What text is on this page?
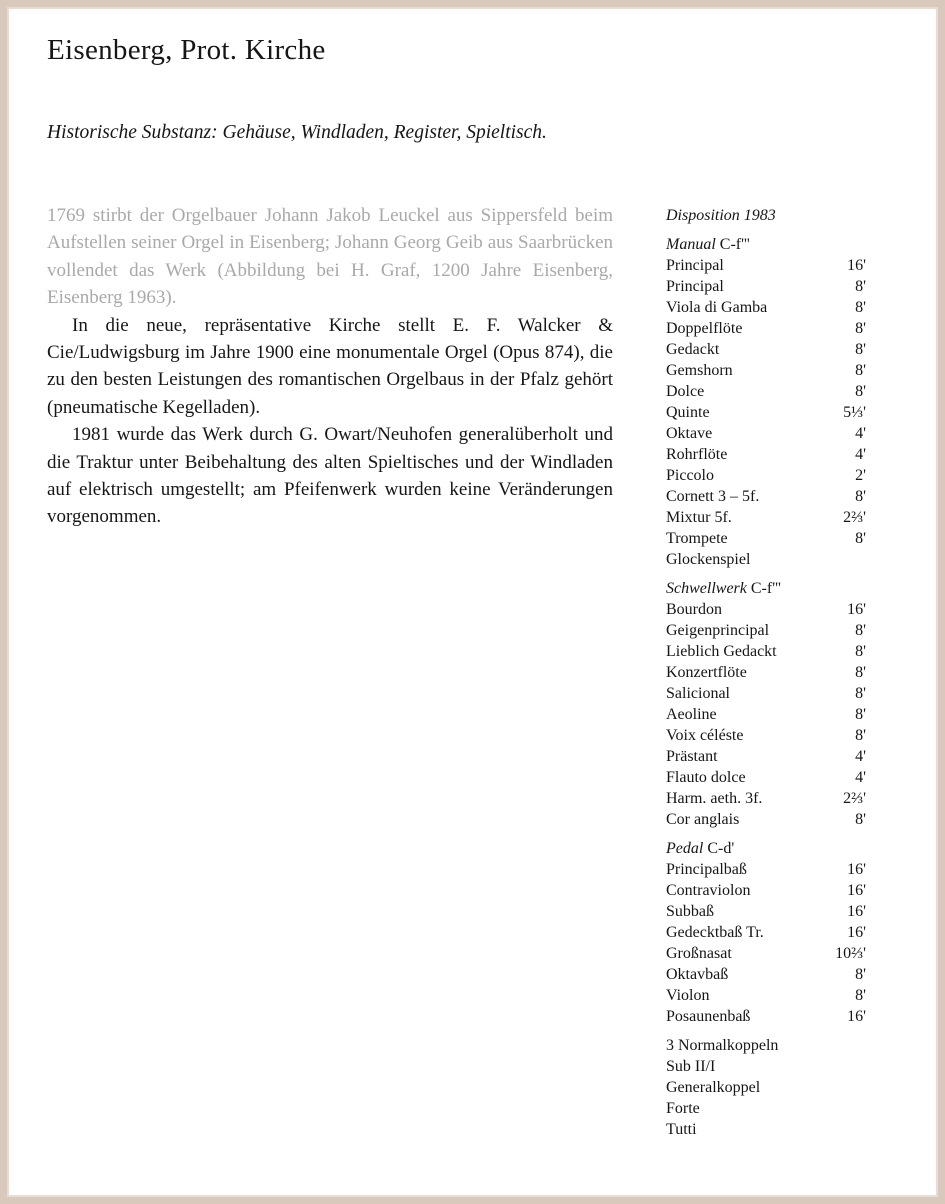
Eisenberg, Prot. Kirche

Historische Substanz: Gehäuse, Windladen, Register, Spieltisch.

1769 stirbt der Orgelbauer Johann Jakob Leuckel aus Sippersfeld beim Aufstellen seiner Orgel in Eisenberg; Johann Georg Geib aus Saarbrücken vollendet das Werk (Abbildung bei H. Graf, 1200 Jahre Eisenberg, Eisenberg 1963).

In die neue, repräsentative Kirche stellt E. F. Walcker & Cie/Ludwigsburg im Jahre 1900 eine monumentale Orgel (Opus 874), die zu den besten Leistungen des romantischen Orgelbaus in der Pfalz gehört (pneumatische Kegelladen).

1981 wurde das Werk durch G. Owart/Neuhofen generalüberholt und die Traktur unter Beibehaltung des alten Spieltisches und der Windladen auf elektrisch umgestellt; am Pfeifenwerk wurden keine Veränderungen vorgenommen.

Disposition 1983
Manual C-f'''
Principal	16'
Principal	8'
Viola di Gamba	8'
Doppelflöte	8'
Gedackt	8'
Gemshorn	8'
Dolce	8'
Quinte	5⅓'
Oktave	4'
Rohrflöte	4'
Piccolo	2'
Cornett 3 – 5f.	8'
Mixtur 5f.	2⅔'
Trompete	8'
Glockenspiel
Schwellwerk C-f'''
Bourdon	16'
Geigenprincipal	8'
Lieblich Gedackt	8'
Konzertflöte	8'
Salicional	8'
Aeoline	8'
Voix céléste	8'
Prästant	4'
Flauto dolce	4'
Harm. aeth. 3f.	2⅔'
Cor anglais	8'
Pedal C-d'
Principalbaß	16'
Contraviolon	16'
Subbaß	16'
Gedecktbaß Tr.	16'
Großnasat	10⅔'
Oktavbaß	8'
Violon	8'
Posaunenbaß	16'
3 Normalkoppeln
Sub II/I
Generalkoppel
Forte
Tutti
